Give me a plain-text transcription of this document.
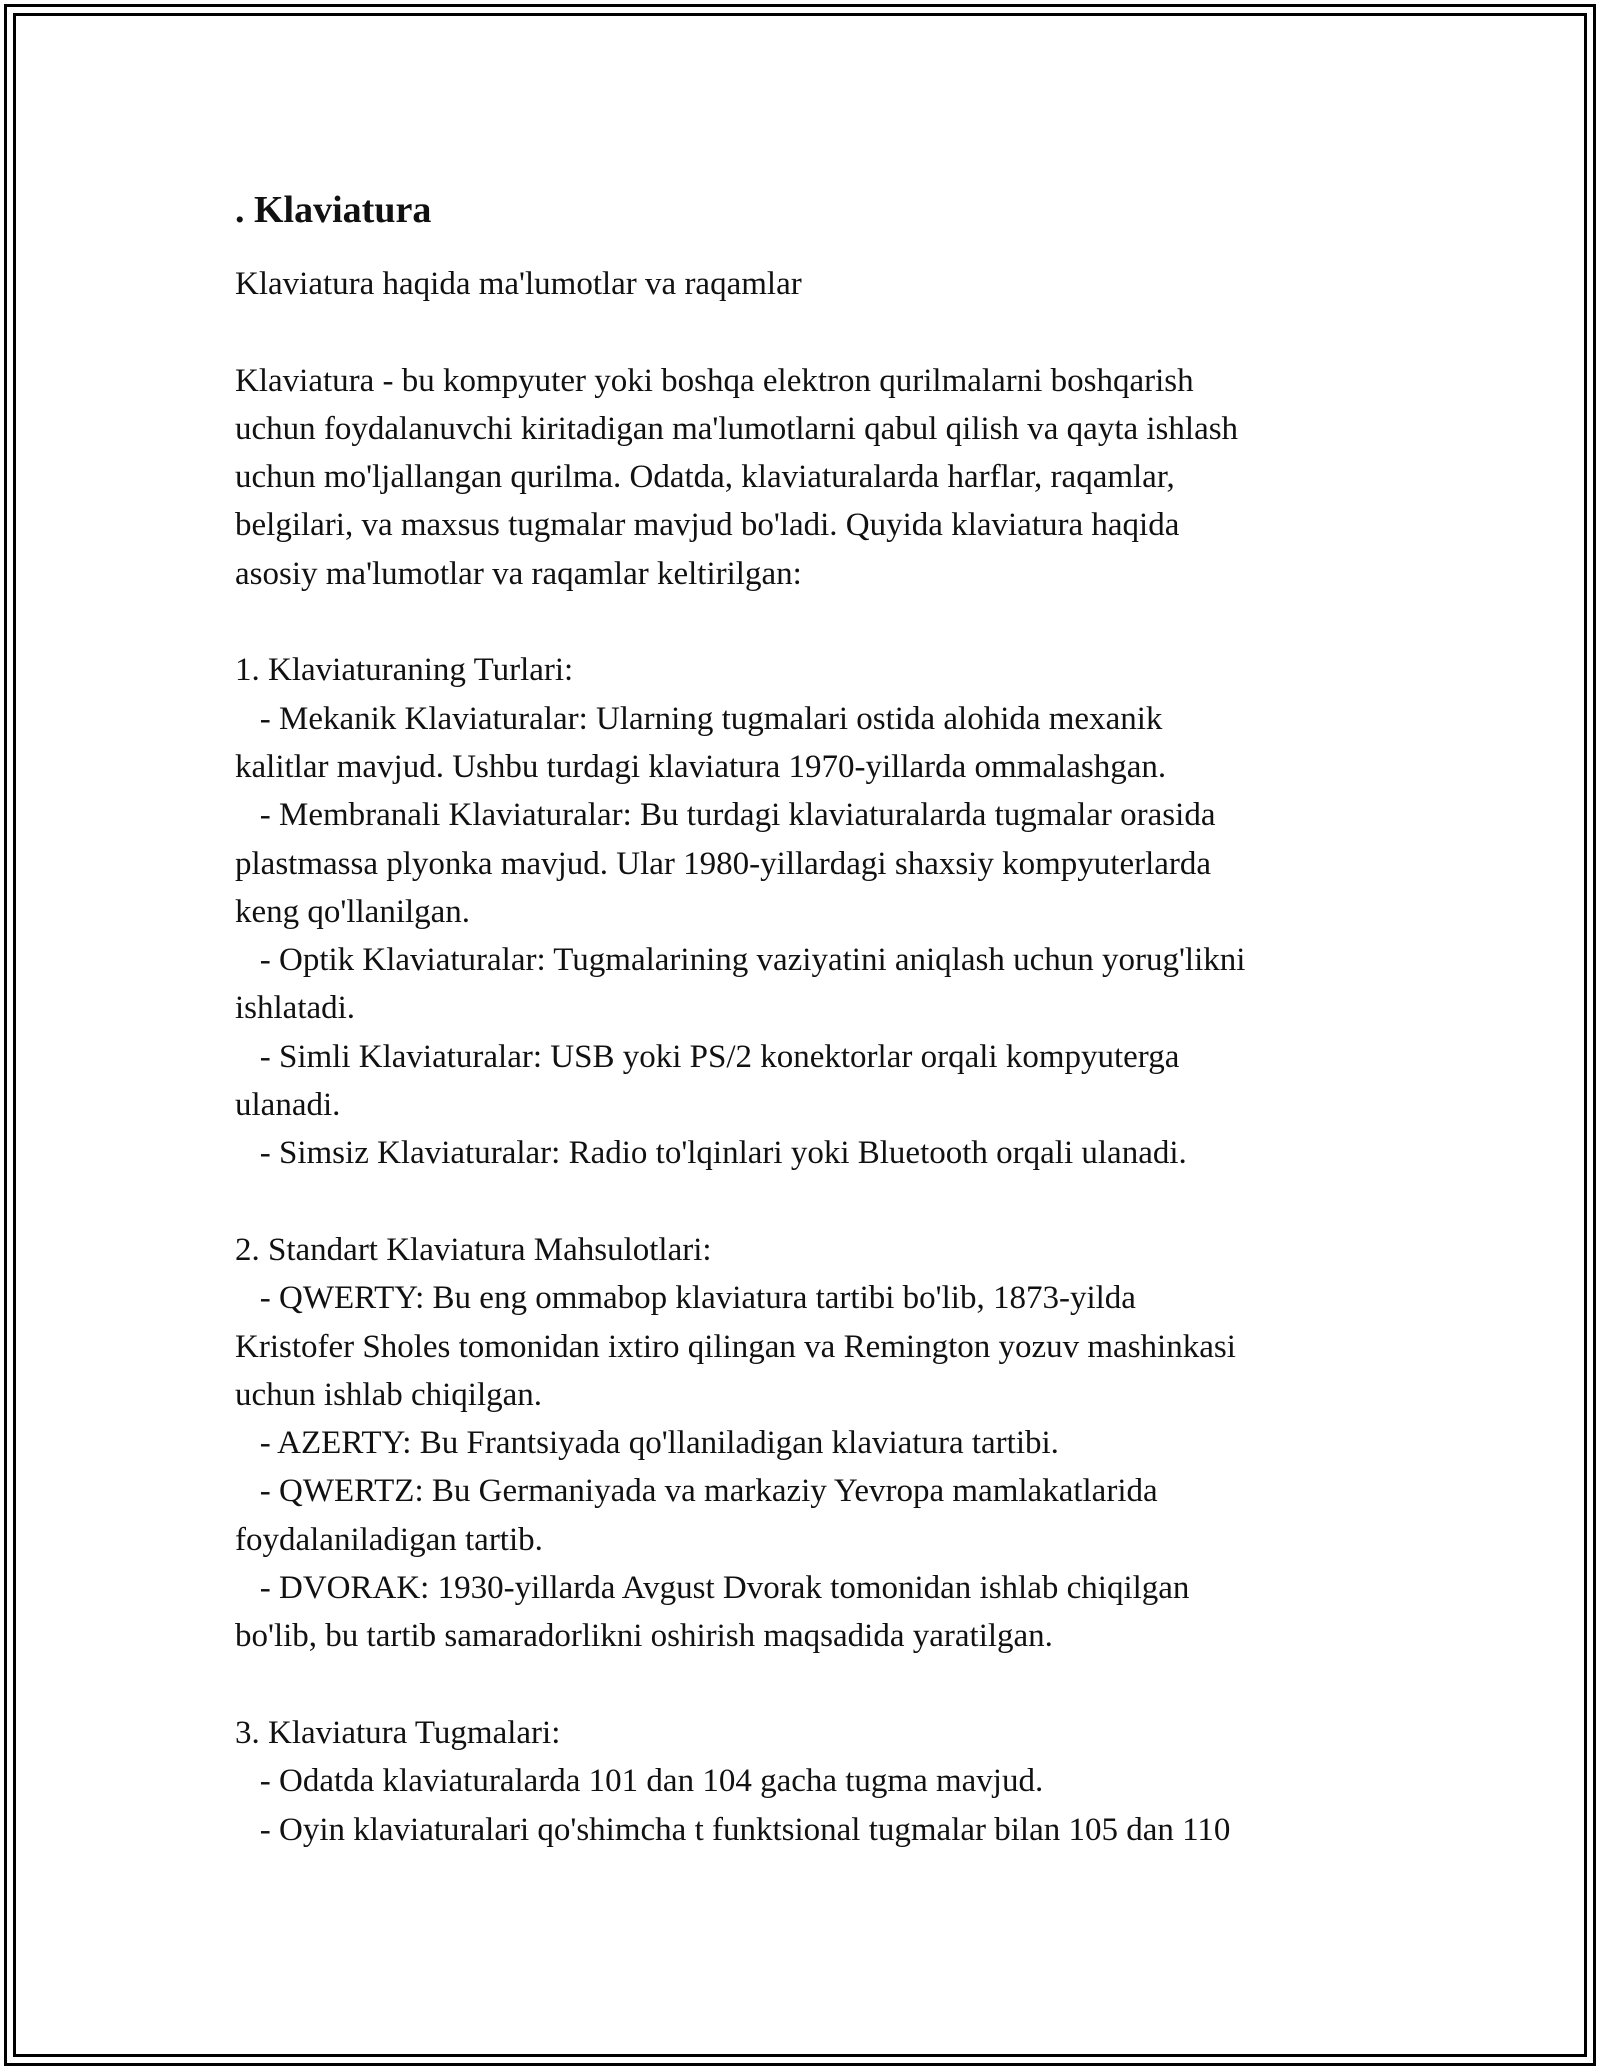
. Klaviatura

Klaviatura haqida ma'lumotlar va raqamlar

Klaviatura - bu kompyuter yoki boshqa elektron qurilmalarni boshqarish

uchun foydalanuvchi kiritadigan ma'lumotlarni qabul qilish va qayta ishlash

uchun mo'ljallangan qurilma. Odatda, klaviaturalarda harflar, raqamlar,

belgilari, va maxsus tugmalar mavjud bo'ladi. Quyida klaviatura haqida

asosiy ma'lumotlar va raqamlar keltirilgan:

1. Klaviaturaning Turlari:

- Mekanik Klaviaturalar: Ularning tugmalari ostida alohida mexanik

kalitlar mavjud. Ushbu turdagi klaviatura 1970-yillarda ommalashgan.

- Membranali Klaviaturalar: Bu turdagi klaviaturalarda tugmalar orasida

plastmassa plyonka mavjud. Ular 1980-yillardagi shaxsiy kompyuterlarda

keng qo'llanilgan.

- Optik Klaviaturalar: Tugmalarining vaziyatini aniqlash uchun yorug'likni

ishlatadi.

- Simli Klaviaturalar: USB yoki PS/2 konektorlar orqali kompyuterga

ulanadi.

- Simsiz Klaviaturalar: Radio to'lqinlari yoki Bluetooth orqali ulanadi.

2. Standart Klaviatura Mahsulotlari:

- QWERTY: Bu eng ommabop klaviatura tartibi bo'lib, 1873-yilda

Kristofer Sholes tomonidan ixtiro qilingan va Remington yozuv mashinkasi

uchun ishlab chiqilgan.

- AZERTY: Bu Frantsiyada qo'llaniladigan klaviatura tartibi.

- QWERTZ: Bu Germaniyada va markaziy Yevropa mamlakatlarida

foydalaniladigan tartib.

- DVORAK: 1930-yillarda Avgust Dvorak tomonidan ishlab chiqilgan

bo'lib, bu tartib samaradorlikni oshirish maqsadida yaratilgan.

3. Klaviatura Tugmalari:

- Odatda klaviaturalarda 101 dan 104 gacha tugma mavjud.

- Oyin klaviaturalari qo'shimcha t funktsional tugmalar bilan 105 dan 110
